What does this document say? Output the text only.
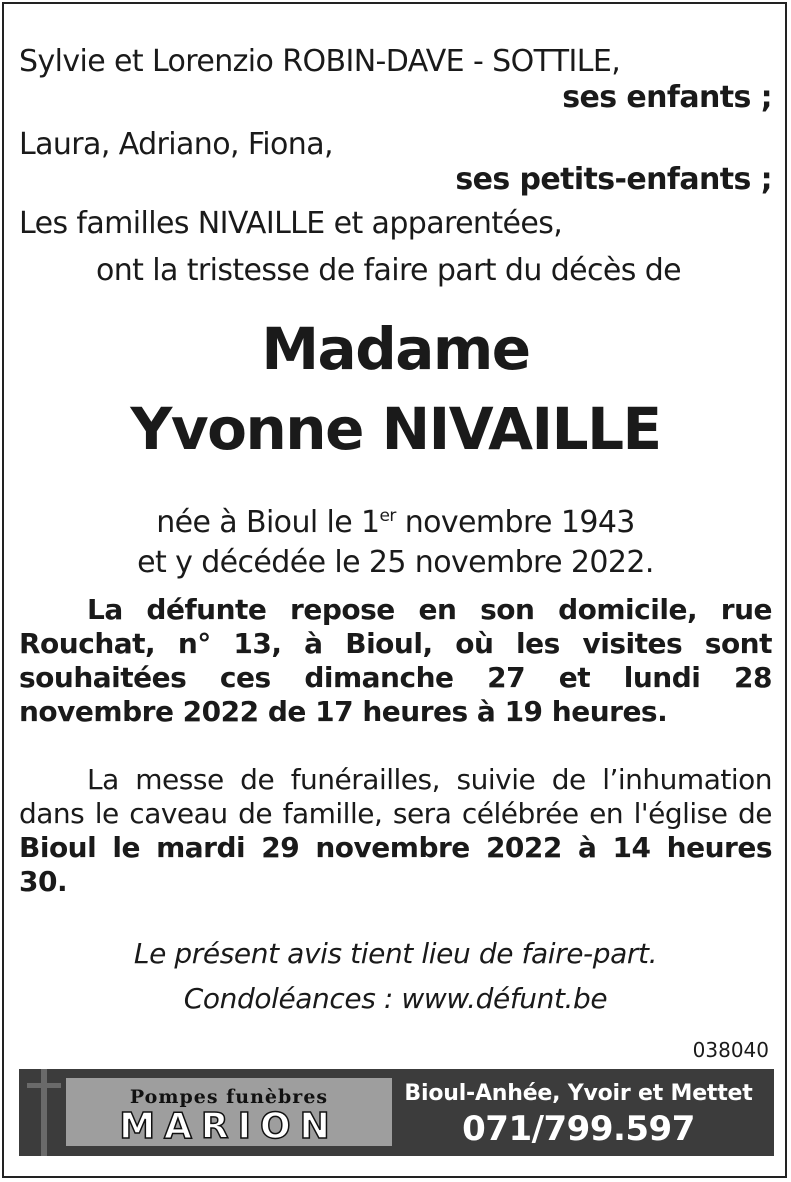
Sylvie et Lorenzio ROBIN-DAVE - SOTTILE,
ses enfants ;
Laura, Adriano, Fiona,
ses petits-enfants ;
Les familles NIVAILLE et apparentées,
ont la tristesse de faire part du décès de
Madame
Yvonne NIVAILLE
née à Bioul le 1er novembre 1943
et y décédée le 25 novembre 2022.
La défunte repose en son domicile, rue Rouchat, n° 13, à Bioul, où les visites sont souhaitées ces dimanche 27 et lundi 28 novembre 2022 de 17 heures à 19 heures.
La messe de funérailles, suivie de l’inhumation dans le caveau de famille, sera célébrée en l'église de Bioul le mardi 29 novembre 2022 à 14 heures 30.
Le présent avis tient lieu de faire-part.
Condoléances : www.défunt.be
038040
Pompes funèbres
MARION
Bioul-Anhée, Yvoir et Mettet
071/799.597
